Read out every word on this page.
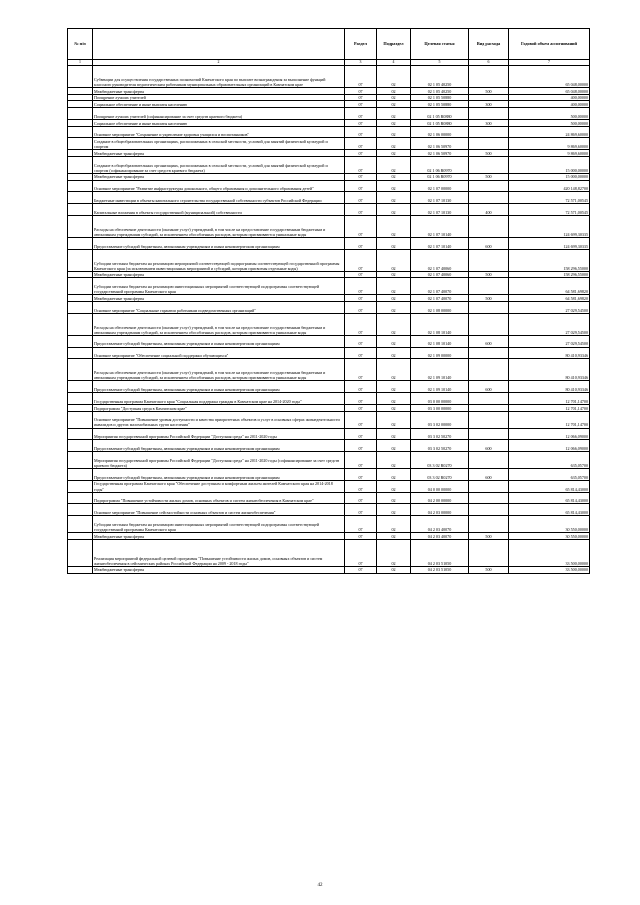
№ п/п		Раздел	Подраздел	Целевая статья	Вид расхода	Годовой объем ассигнований
1	2	3	4	5	6	7
	Субвенции для осуществления государственных полномочий Камчатского края по выплате вознаграждения за выполнение функций классного руководителя педагогическим работникам муниципальных образовательных организаций в Камчатском крае	07	02	02 1 05 40250		65 048,00000
	Межбюджетные трансферты	07	02	02 1 05 40250	500	65 048,00000
	Поощрение лучших учителей	07	02	02 1 05 50880		400,00000
	Социальное обеспечение и иные выплаты населению	07	02	02 1 05 50880	300	400,00000
	Поощрение лучших учителей (софинансирование за счет средств краевого бюджета)	07	02	02 1 05 R0880		500,00000
	Социальное обеспечение и иные выплаты населению	07	02	02 1 05 R0880	300	500,00000
	Основное мероприятие "Сохранение и укрепление здоровья учащихся и воспитанников"	07	02	02 1 06 00000		24 869,60000
	Создание в общеобразовательных организациях, расположенных в сельской местности, условий для занятий физической культурой и спортом	07	02	02 1 06 50970		9 869,60000
	Межбюджетные трансферты	07	02	02 1 06 50970	500	9 869,60000
	Создание в общеобразовательных организациях, расположенных в сельской местности, условий для занятий физической культурой и спортом (софинансирование за счет средств краевого бюджета)	07	02	02 1 06 R0970		15 000,00000
	Межбюджетные трансферты	07	02	02 1 06 R0970	500	15 000,00000
	Основное мероприятие "Развитие инфраструктуры дошкольного, общего образования и дополнительного образования детей"	07	02	02 1 07 00000		420 148,82700
	Бюджетные инвестиции в объекты капитального строительства государственной собственности субъектов Российской Федерации	07	02	02 1 07 10130		72 571,00545
	Капитальные вложения в объекты государственной (муниципальной) собственности	07	02	02 1 07 10130	400	72 571,00545
	Расходы на обеспечение деятельности (оказание услуг) учреждений, в том числе на предоставление государственным бюджетным и автономным учреждениям субсидий, за исключением обособленных расходов, которым присваиваются уникальные коды	07	02	02 1 07 10140		124 699,30335
	Предоставление субсидий бюджетным, автономным учреждениям и иным некоммерческим организациям	07	02	02 1 07 10140	600	124 699,30335
	Субсидии местным бюджетам на реализацию мероприятий соответствующей подпрограммы соответствующей государственной программы Камчатского края (за исключением инвестиционных мероприятий и субсидий, которым присвоены отдельные коды)	07	02	02 1 07 40060		158 296,55000
	Межбюджетные трансферты	07	02	02 1 07 40060	500	158 296,55000
	Субсидии местным бюджетам на реализацию инвестиционных мероприятий соответствующей подпрограммы соответствующей государственной программы Камчатского края	07	02	02 1 07 40070		64 581,69820
	Межбюджетные трансферты	07	02	02 1 07 40070	500	64 581,69820
	Основное мероприятие "Социальные гарантии работникам подведомственных организаций"	07	02	02 1 08 00000		27 029,54500
	Расходы на обеспечение деятельности (оказание услуг) учреждений, в том числе на предоставление государственным бюджетным и автономным учреждениям субсидий, за исключением обособленных расходов, которым присваиваются уникальные коды	07	02	02 1 08 10140		27 029,54500
	Предоставление субсидий бюджетным, автономным учреждениям и иным некоммерческим организациям	07	02	02 1 08 10140	600	27 029,54500
	Основное мероприятие "Обеспечение социальной поддержки обучающихся"	07	02	02 1 09 00000		80 410,93346
	Расходы на обеспечение деятельности (оказание услуг) учреждений, в том числе на предоставление государственным бюджетным и автономным учреждениям субсидий, за исключением обособленных расходов, которым присваиваются уникальные коды	07	02	02 1 09 10140		80 410,93346
	Предоставление субсидий бюджетным, автономным учреждениям и иным некоммерческим организациям	07	02	02 1 09 10140	600	80 410,93346
	Государственная программа Камчатского края "Социальная поддержка граждан в Камчатском крае на 2014-2020 годы"	07	02	03 0 00 00000		12 701,14700
	Подпрограмма "Доступная среда в Камчатском крае"	07	02	03 3 00 00000		12 701,14700
	Основное мероприятие "Повышение уровня доступности и качества приоритетных объектов и услуг в основных сферах жизнедеятельности инвалидов и других маломобильных групп населения"	07	02	03 3 02 00000		12 701,14700
	Мероприятия государственной программы Российской Федерации "Доступная среда" на 2011-2020 годы	07	02	03 3 02 50270		12 066,09000
	Предоставление субсидий бюджетным, автономным учреждениям и иным некоммерческим организациям	07	02	03 3 02 50270	600	12 066,09000
	Мероприятия государственной программы Российской Федерации "Доступная среда" на 2011-2020 годы (софинансирование за счет средств краевого бюджета)	07	02	03 3 02 R0270		635,05700
	Предоставление субсидий бюджетным, автономным учреждениям и иным некоммерческим организациям	07	02	03 3 02 R0270	600	635,05700
	Государственная программа Камчатского края "Обеспечение доступным и комфортным жильем жителей Камчатского края на 2014-2018 годы"	07	02	04 0 00 00000		65 814,43000
	Подпрограмма "Повышение устойчивости жилых домов, основных объектов и систем жизнеобеспечения в Камчатском крае"	07	02	04 2 00 00000		65 814,43000
	Основное мероприятие "Повышение сейсмостойкости основных объектов и систем жизнеобеспечения"	07	02	04 2 03 00000		65 814,43000
	Субсидии местным бюджетам на реализацию инвестиционных мероприятий соответствующей подпрограммы соответствующей государственной программы Камчатского края	07	02	04 2 03 40070		30 550,00000
	Межбюджетные трансферты	07	02	04 2 03 40070	500	30 550,00000
	Реализация мероприятий федеральной целевой программы "Повышение устойчивости жилых домов, основных объектов и систем жизнеобеспечения в сейсмических районах Российской Федерации на 2009 - 2018 годы"	07	02	04 2 03 51050		33 500,00000
	Межбюджетные трансферты	07	02	04 2 03 51050	500	33 500,00000
42
